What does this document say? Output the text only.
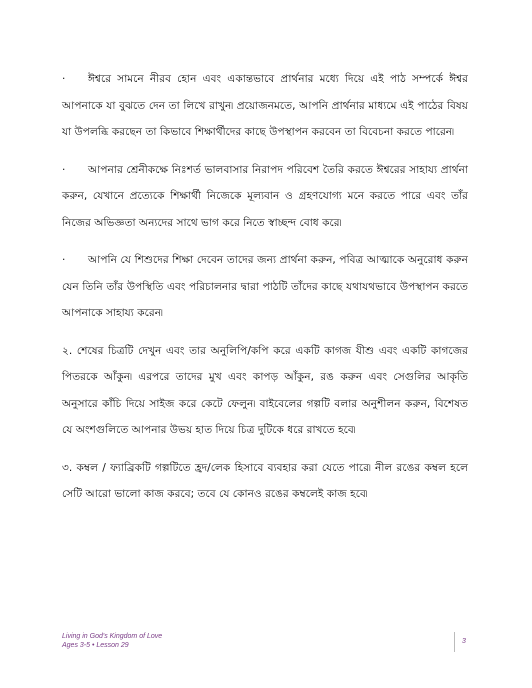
· ঈশ্বরে সামনে নীরব হোন এবং একান্তভাবে প্রার্থনার মধ্যে দিয়ে এই পাঠ সম্পর্কে ঈশ্বর আপনাকে যা বুঝতে দেন তা লিখে রাখুন৷ প্রয়োজনমতে, আপনি প্রার্থনার মাধ্যমে এই পাঠের বিষয় যা উপলব্ধি করছেন তা কিভাবে শিক্ষার্থীদের কাছে উপস্থাপন করবেন তা বিবেচনা করতে পারেন৷

· আপনার শ্রেনীকক্ষে নিঃশর্ত ভালবাসার নিরাপদ পরিবেশ তৈরি করতে ঈশ্বরের সাহায্য প্রার্থনা করুন, যেখানে প্রত্যেকে শিক্ষার্থী নিজেকে মূল্যবান ও গ্রহণযোগ্য মনে করতে পারে এবং তাঁর নিজের অভিজ্ঞতা অন্যদের সাথে ভাগ করে নিতে স্বাচ্ছন্দ বোধ করে৷

· আপনি যে শিশুদের শিক্ষা দেবেন তাদের জন্য প্রার্থনা করুন, পবিত্র আত্মাকে অনুরোধ করুন যেন তিনি তাঁর উপস্থিতি এবং পরিচালনার দ্বারা পাঠটি তাঁদের কাছে যথাযথভাবে উপস্থাপন করতে আপনাকে সাহায্য করেন৷

২. শেষের চিত্রটি দেখুন এবং তার অনুলিপি/কপি করে একটি কাগজ যীশু এবং একটি কাগজের পিতরকে আঁকুন৷ এরপরে তাদের মুখ এবং কাপড় আঁকুন, রঙ করুন এবং সেগুলির আকৃতি অনুসারে কাঁচি দিয়ে সাইজ করে কেটে ফেলুন৷ বাইবেলের গল্পটি বলার অনুশীলন করুন, বিশেষত যে অংশগুলিতে আপনার উভয় হাত দিয়ে চিত্র দুটিকে ধরে রাখতে হবে৷

৩. কম্বল / ফ্যাব্রিকটি গল্পটিতে হ্রদ/লেক হিসাবে ব্যবহার করা যেতে পারে৷ নীল রঙের কম্বল হলে সেটি আরো ভালো কাজ করবে; তবে যে কোনও রঙের কম্বলেই কাজ হবে৷

Living in God's Kingdom of Love
Ages 3-5 • Lesson 29
3
